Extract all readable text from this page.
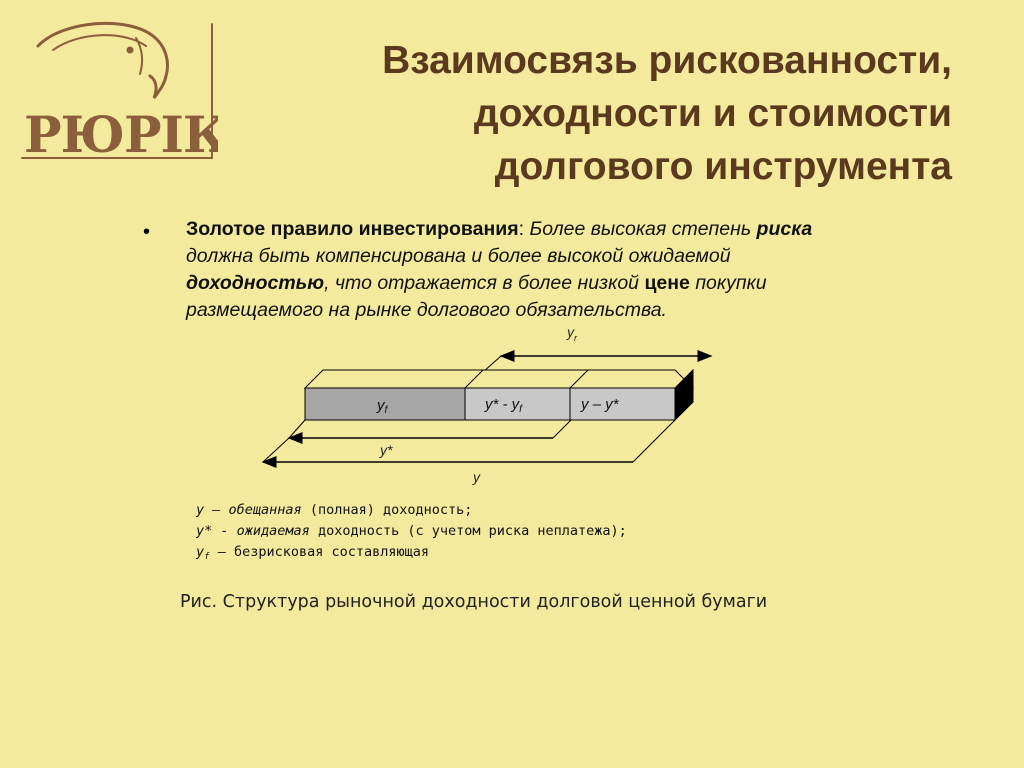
РЮРІК
Взаимосвязь рискованности,
доходности и стоимости
долгового инструмента
• Золотое правило инвестирования: Более высокая степень риска
должна быть компенсирована и более высокой ожидаемой
доходностью, что отражается в более низкой цене покупки
размещаемого на рынке долгового обязательства.
$y_r$
$y_f$	$y* - y_f$	y – y*
y*
y
y – обещанная (полная) доходность;
y* - ожидаемая доходность (с учетом риска неплатежа);
$y_f$ – безрисковая составляющая
Рис. Структура рыночной доходности долговой ценной бумаги
